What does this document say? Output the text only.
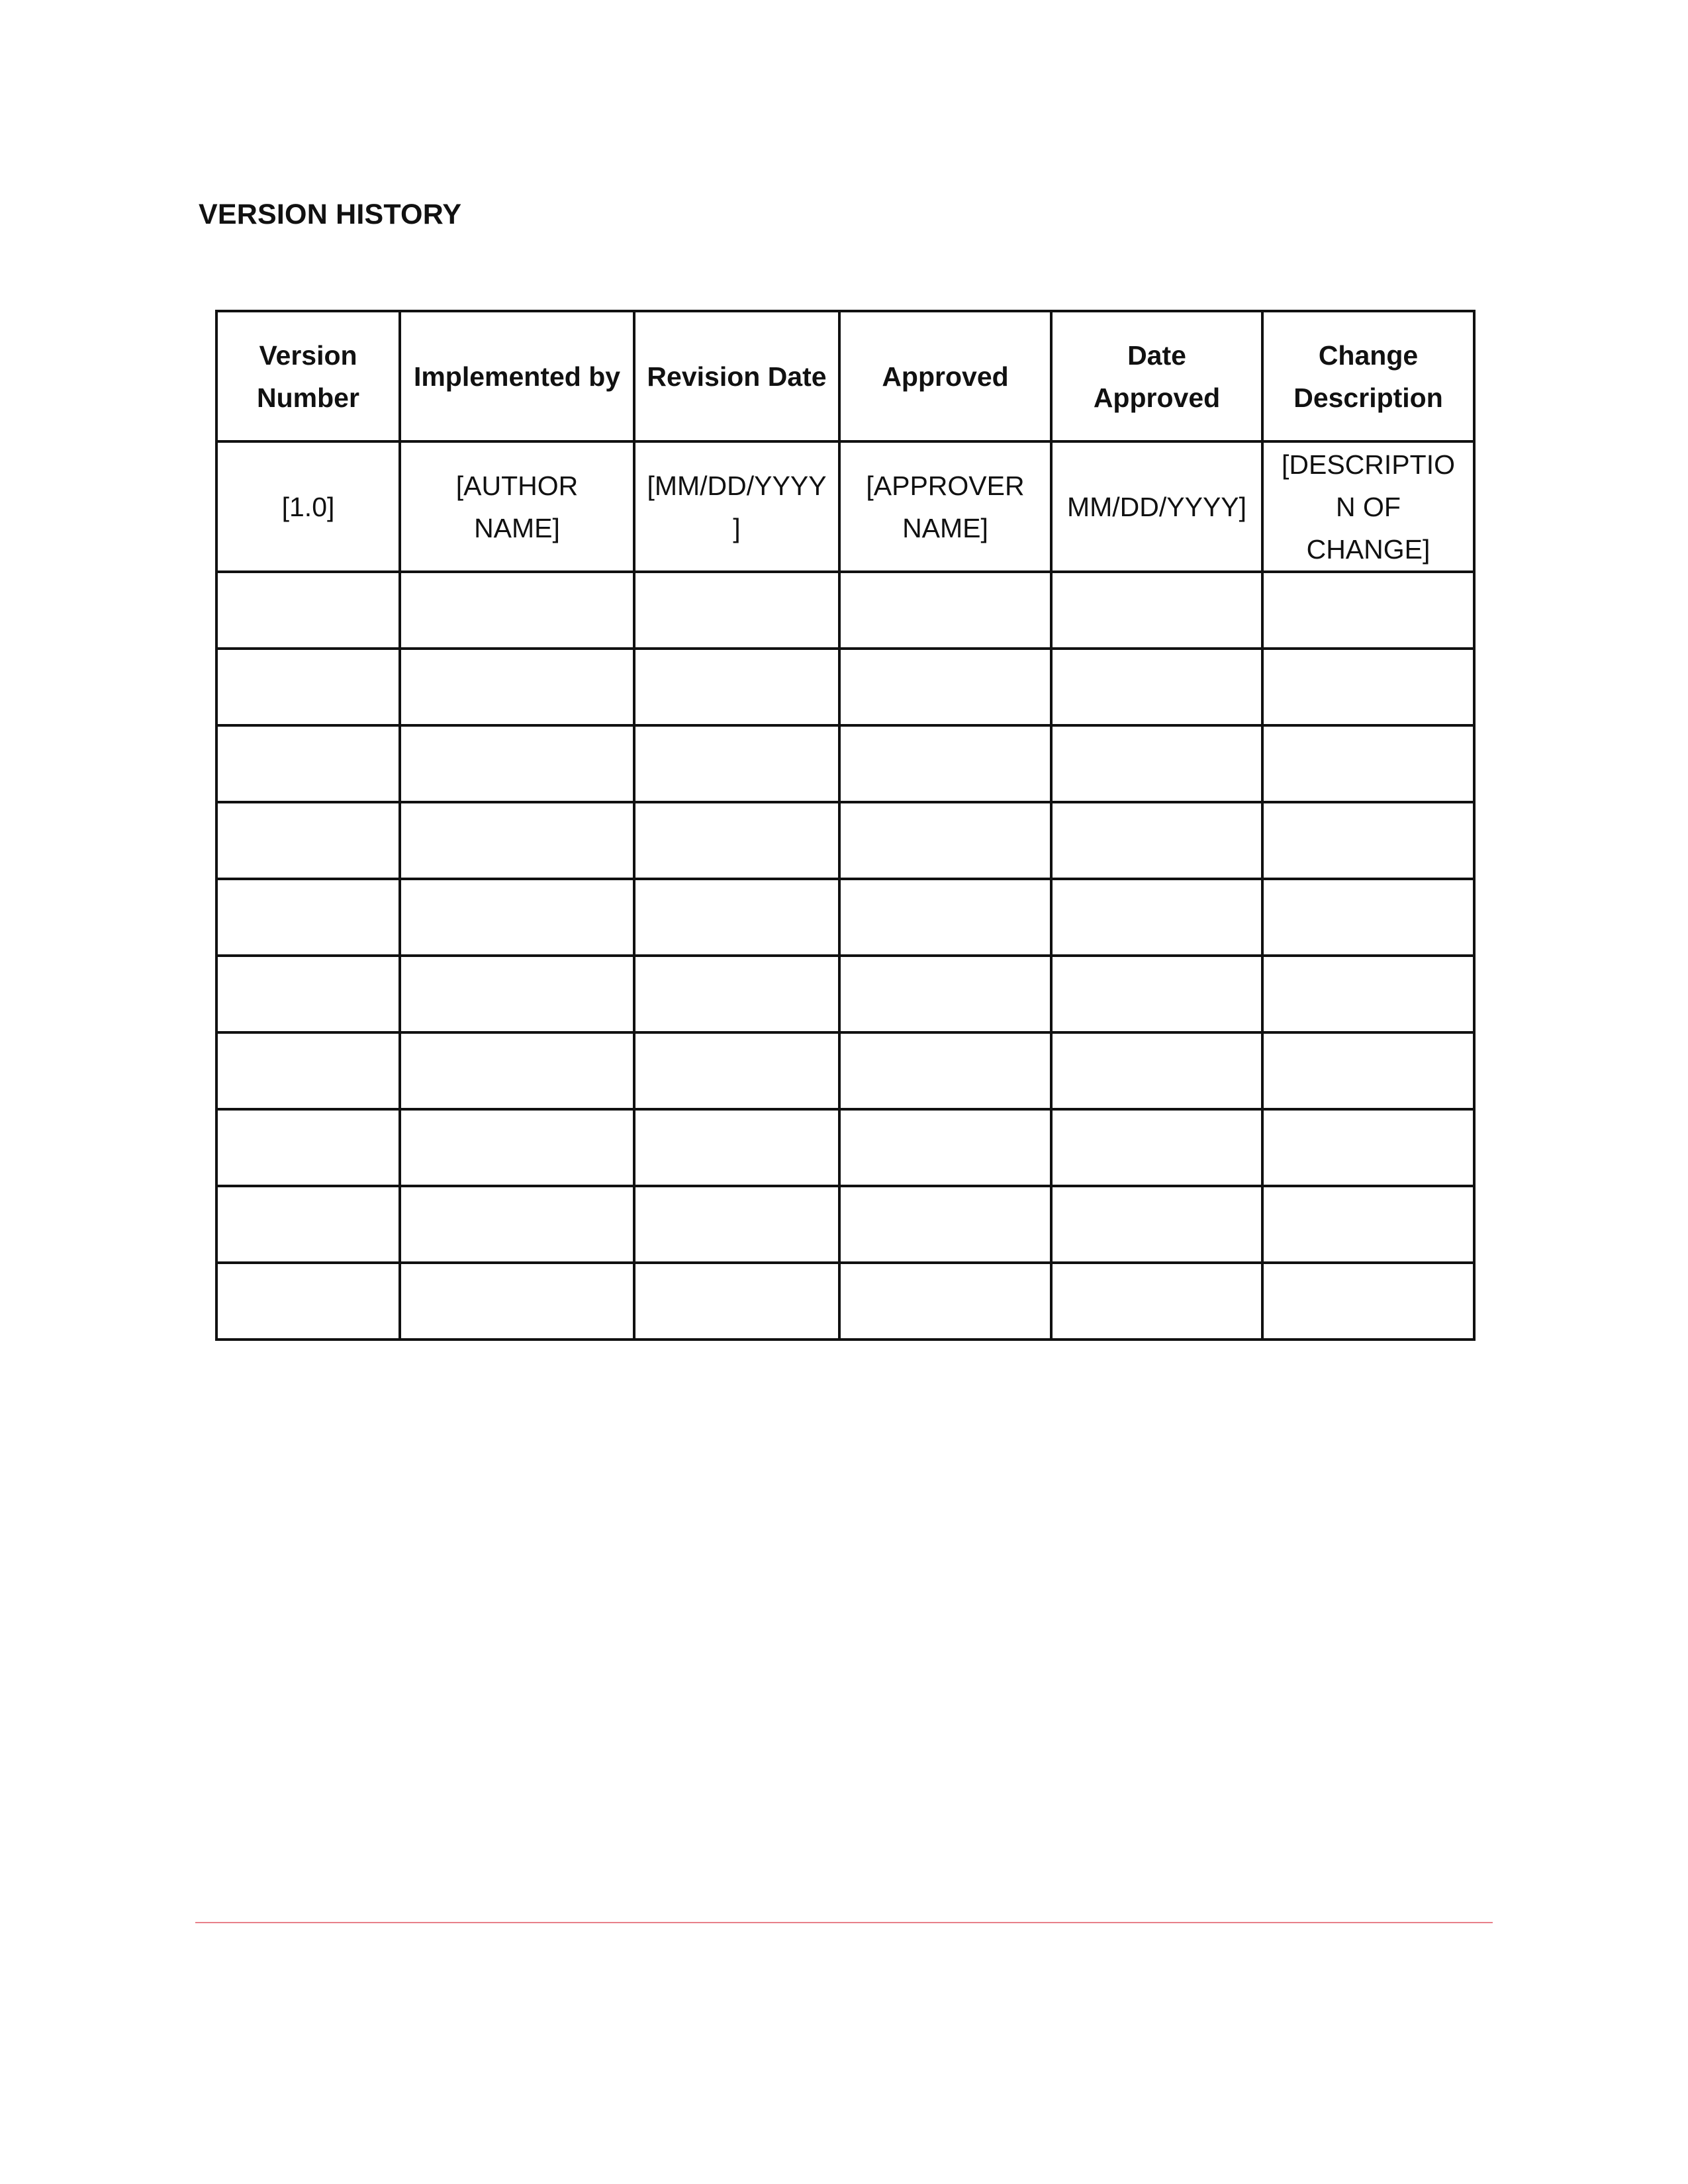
VERSION HISTORY
Version Number	Implemented by	Revision Date	Approved	Date Approved	Change Description
[1.0]	[AUTHOR NAME]	[MM/DD/YYYY]	[APPROVER NAME]	MM/DD/YYYY]	[DESCRIPTION OF CHANGE]
